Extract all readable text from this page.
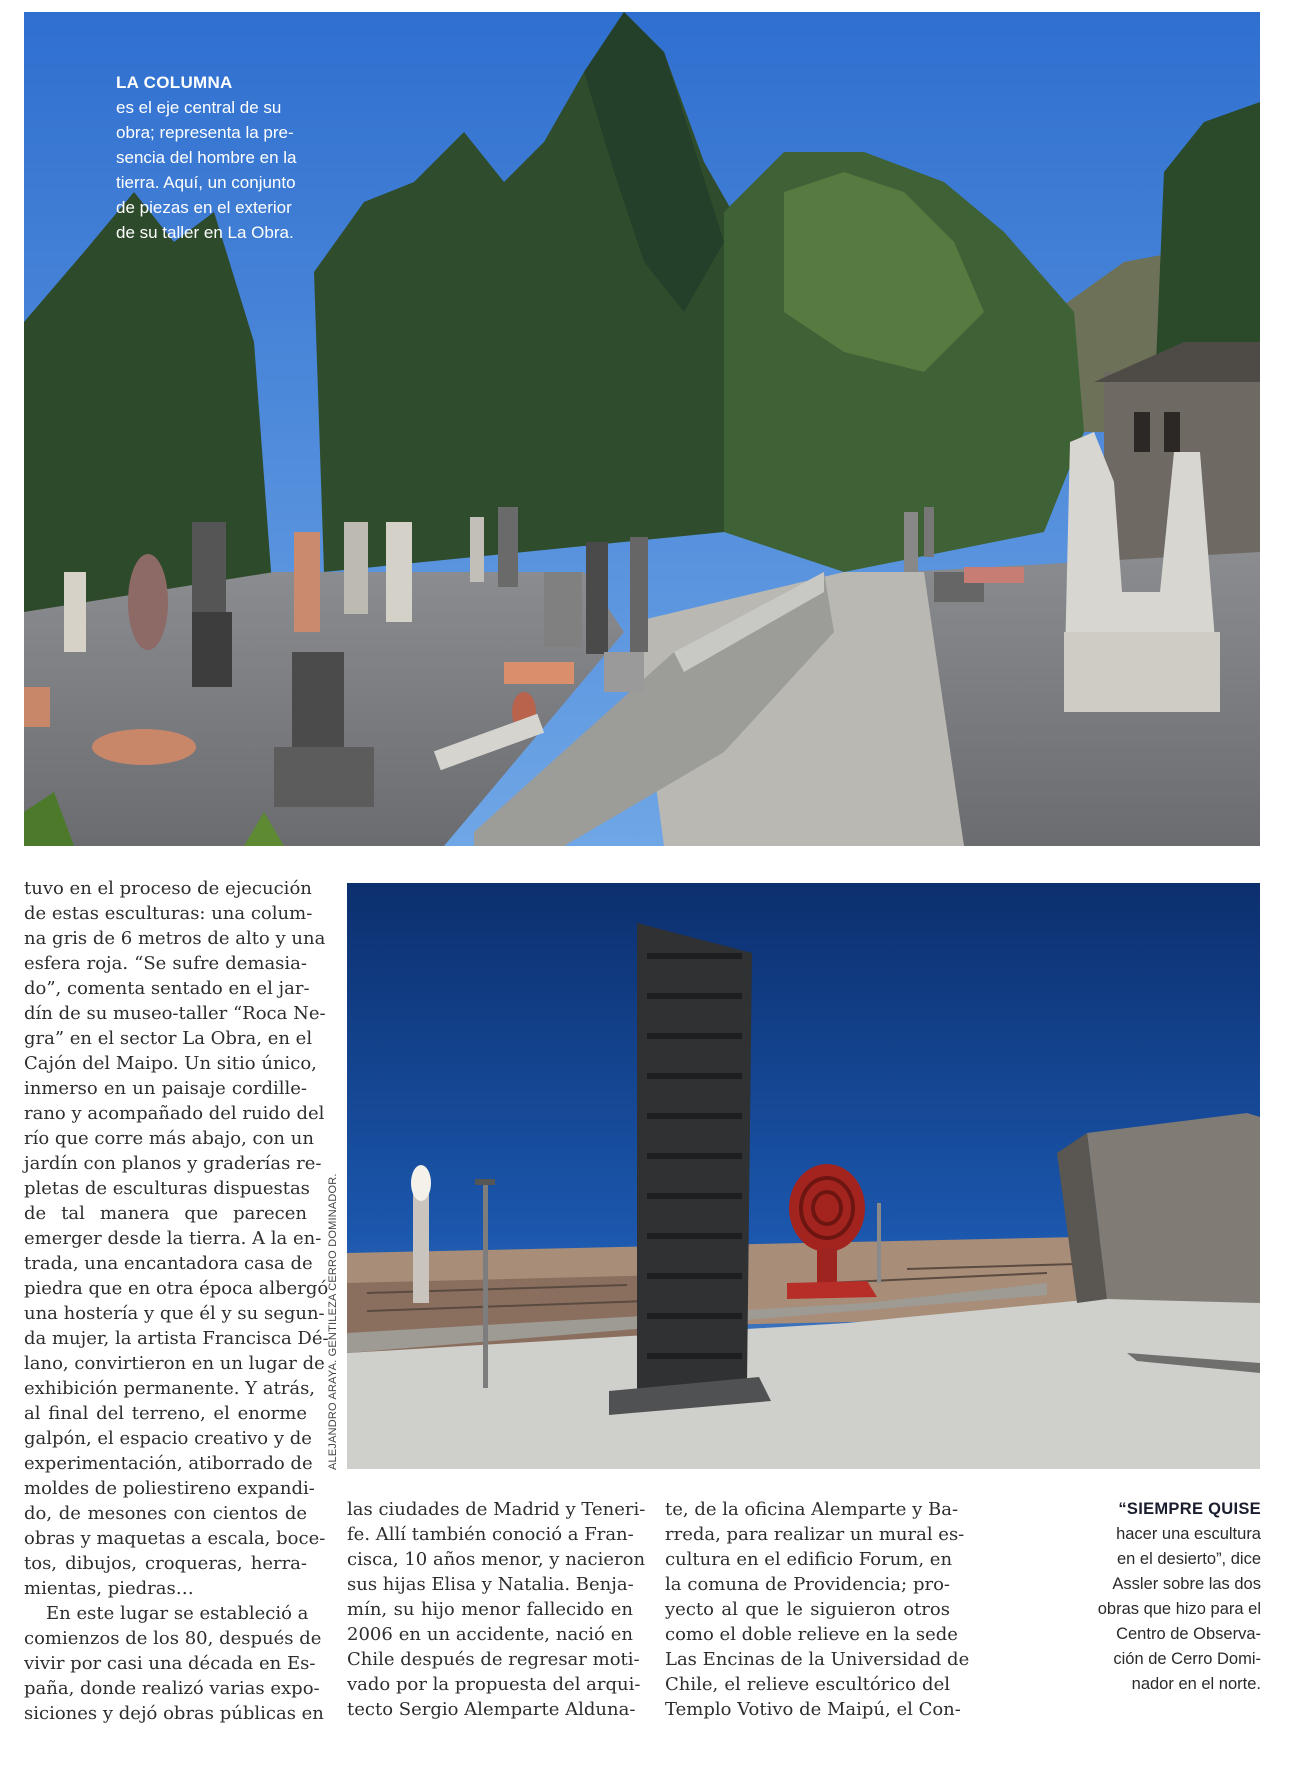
LA COLUMNA
es el eje central de su
obra; representa la pre-
sencia del hombre en la
tierra. Aquí, un conjunto
de piezas en el exterior
de su taller en La Obra.
ALEJANDRO ARAYA. GENTILEZA CERRO DOMINADOR.
tuvo en el proceso de ejecución
de estas esculturas: una colum-
na gris de 6 metros de alto y una
esfera roja. “Se sufre demasia-
do”, comenta sentado en el jar-
dín de su museo-taller “Roca Ne-
gra” en el sector La Obra, en el
Cajón del Maipo. Un sitio único,
inmerso en un paisaje cordille-
rano y acompañado del ruido del
río que corre más abajo, con un
jardín con planos y graderías re-
pletas de esculturas dispuestas
de tal manera que parecen
emerger desde la tierra. A la en-
trada, una encantadora casa de
piedra que en otra época albergó
una hostería y que él y su segun-
da mujer, la artista Francisca Dé-
lano, convirtieron en un lugar de
exhibición permanente. Y atrás,
al final del terreno, el enorme
galpón, el espacio creativo y de
experimentación, atiborrado de
moldes de poliestireno expandi-
do, de mesones con cientos de
obras y maquetas a escala, boce-
tos, dibujos, croqueras, herra-
mientas, piedras…
En este lugar se estableció a
comienzos de los 80, después de
vivir por casi una década en Es-
paña, donde realizó varias expo-
siciones y dejó obras públicas en
las ciudades de Madrid y Teneri-
fe. Allí también conoció a Fran-
cisca, 10 años menor, y nacieron
sus hijas Elisa y Natalia. Benja-
mín, su hijo menor fallecido en
2006 en un accidente, nació en
Chile después de regresar moti-
vado por la propuesta del arqui-
tecto Sergio Alemparte Alduna-
te, de la oficina Alemparte y Ba-
rreda, para realizar un mural es-
cultura en el edificio Forum, en
la comuna de Providencia; pro-
yecto al que le siguieron otros
como el doble relieve en la sede
Las Encinas de la Universidad de
Chile, el relieve escultórico del
Templo Votivo de Maipú, el Con-
“SIEMPRE QUISE
hacer una escultura
en el desierto”, dice
Assler sobre las dos
obras que hizo para el
Centro de Observa-
ción de Cerro Domi-
nador en el norte.
